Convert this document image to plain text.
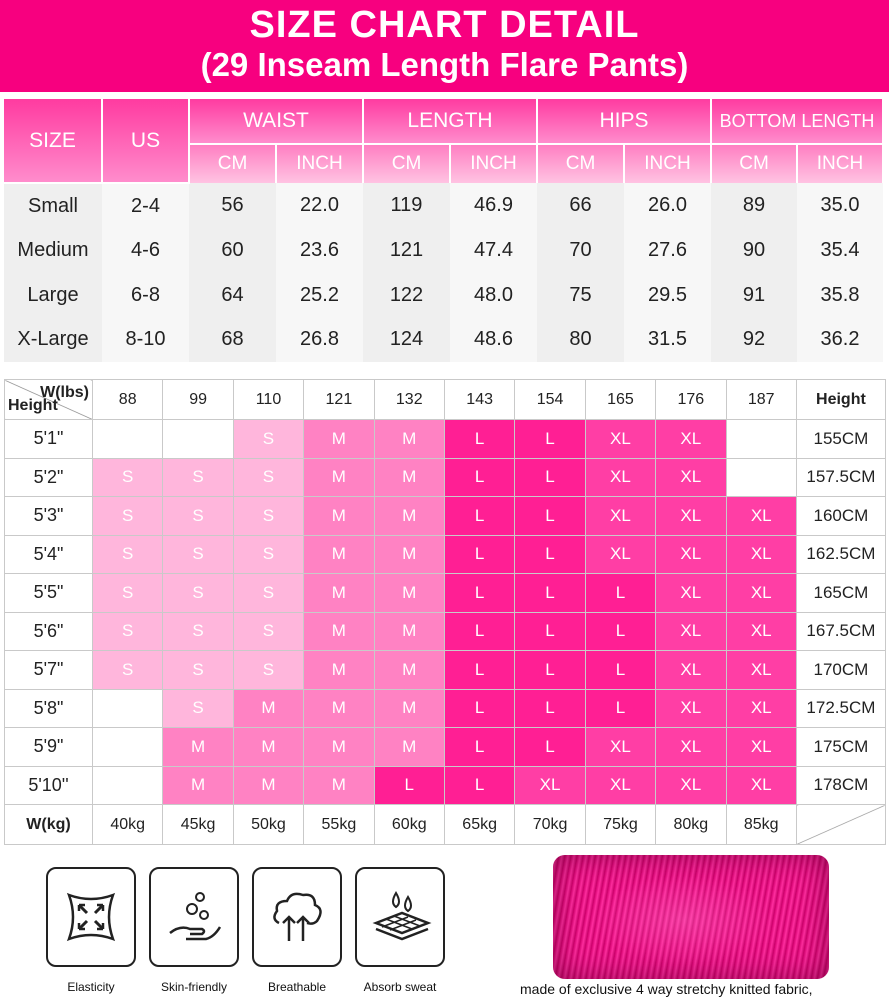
SIZE CHART DETAIL
(29 Inseam Length Flare Pants)
SIZE	US	WAIST		LENGTH		HIPS		BOTTOM LENGTH	
		CM	INCH	CM	INCH	CM	INCH	CM	INCH
Small	2-4	56	22.0	119	46.9	66	26.0	89	35.0
Medium	4-6	60	23.6	121	47.4	70	27.6	90	35.4
Large	6-8	64	25.2	122	48.0	75	29.5	91	35.8
X-Large	8-10	68	26.8	124	48.6	80	31.5	92	36.2
W(lbs)
Height	88	99	110	121	132	143	154	165	176	187	Height
5'1"			S	M	M	L	L	XL	XL		155CM
5'2"	S	S	S	M	M	L	L	XL	XL		157.5CM
5'3"	S	S	S	M	M	L	L	XL	XL	XL	160CM
5'4"	S	S	S	M	M	L	L	XL	XL	XL	162.5CM
5'5"	S	S	S	M	M	L	L	L	XL	XL	165CM
5'6"	S	S	S	M	M	L	L	L	XL	XL	167.5CM
5'7"	S	S	S	M	M	L	L	L	XL	XL	170CM
5'8"		S	M	M	M	L	L	L	XL	XL	172.5CM
5'9"		M	M	M	M	L	L	XL	XL	XL	175CM
5'10''		M	M	M	L	L	XL	XL	XL	XL	178CM
W(kg)	40kg	45kg	50kg	55kg	60kg	65kg	70kg	75kg	80kg	85kg	
Elasticity	Skin-friendly	Breathable	Absorb sweat	made of exclusive 4 way stretchy knitted fabric,
